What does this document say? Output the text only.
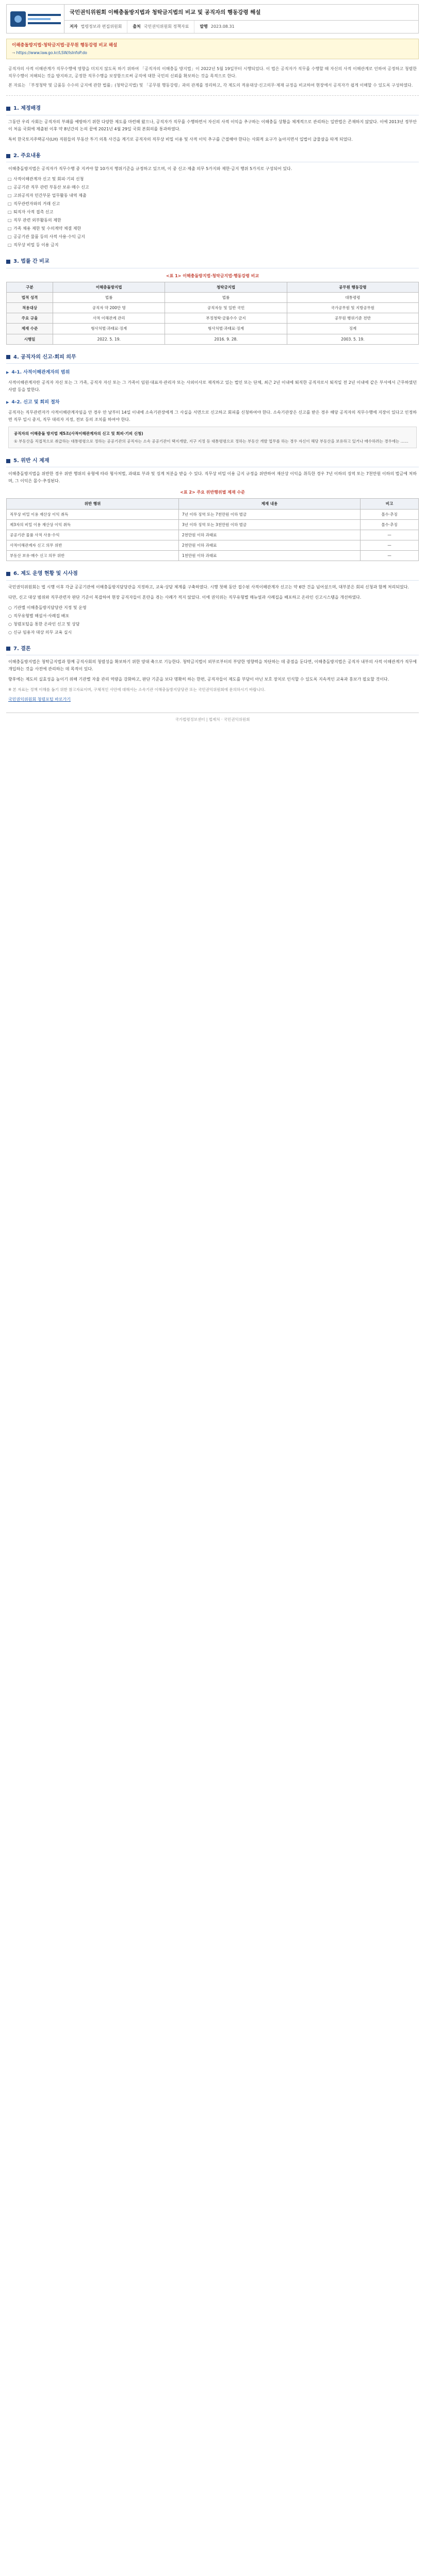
국민권익위원회 이해충돌방지법과 청탁금지법의 비교 및 공직자의 행동강령 해설
저자 법령정보과 편집위원회	출처 국민권익위원회 정책자료	발행 2023.08.31
이해충돌방지법·청탁금지법·공무원 행동강령 비교 해설
→ https://www.law.go.kr/LSW/lsInfoP.do

공직자의 사적 이해관계가 직무수행에 영향을 미치지 않도록 하기 위하여 「공직자의 이해충돌 방지법」이 2022년 5월 19일부터 시행되었다. 이 법은 공직자가 직무를 수행할 때 자신의 사적 이해관계로 인하여 공정하고 청렴한 직무수행이 저해되는 것을 방지하고, 공정한 직무수행을 보장함으로써 공직에 대한 국민의 신뢰를 확보하는 것을 목적으로 한다.

본 자료는 「부정청탁 및 금품등 수수의 금지에 관한 법률」(청탁금지법) 및 「공무원 행동강령」과의 관계를 정리하고, 각 제도의 적용대상·신고의무·제재 규정을 비교하여 현장에서 공직자가 쉽게 이해할 수 있도록 구성하였다.

1. 제정배경

그동안 우리 사회는 공직자의 부패를 예방하기 위한 다양한 제도를 마련해 왔으나, 공직자가 직무를 수행하면서 자신의 사적 이익을 추구하는 이해충돌 상황을 체계적으로 관리하는 일반법은 존재하지 않았다. 이에 2013년 정부안이 처음 국회에 제출된 이후 약 8년간의 논의 끝에 2021년 4월 29일 국회 본회의를 통과하였다.

특히 한국토지주택공사(LH) 직원들의 부동산 투기 의혹 사건을 계기로 공직자의 직무상 비밀 이용 및 사적 이익 추구를 근절해야 한다는 사회적 요구가 높아지면서 입법이 급물살을 타게 되었다.

2. 주요내용

이해충돌방지법은 공직자가 직무수행 중 지켜야 할 10가지 행위기준을 규정하고 있으며, 이 중 신고·제출 의무 5가지와 제한·금지 행위 5가지로 구성되어 있다.

□ 사적이해관계자 신고 및 회피·기피 신청
□ 공공기관 직무 관련 부동산 보유·매수 신고
□ 고위공직자 민간부문 업무활동 내역 제출
□ 직무관련자와의 거래 신고
□ 퇴직자 사적 접촉 신고
□ 직무 관련 외부활동의 제한
□ 가족 채용 제한 및 수의계약 체결 제한
□ 공공기관 물품 등의 사적 사용·수익 금지
□ 직무상 비밀 등 이용 금지
3. 법률 간 비교
<표 1> 이해충돌방지법·청탁금지법·행동강령 비교
구분	이해충돌방지법	청탁금지법	공무원 행동강령
법적 성격	법률	법률	대통령령
적용대상	공직자 약 200만 명	공직자등 및 일반 국민	국가공무원 및 지방공무원
주요 규율	사적 이해관계 관리	부정청탁·금품수수 금지	공무원 행위기준 전반
제재 수준	형사처벌·과태료·징계	형사처벌·과태료·징계	징계
시행일	2022. 5. 19.	2016. 9. 28.	2003. 5. 19.
4. 공직자의 신고·회피 의무
▶ 4-1. 사적이해관계자의 범위

사적이해관계자란 공직자 자신 또는 그 가족, 공직자 자신 또는 그 가족이 임원·대표자·관리자 또는 사외이사로 재직하고 있는 법인 또는 단체, 최근 2년 이내에 퇴직한 공직자로서 퇴직일 전 2년 이내에 같은 부서에서 근무하였던 사람 등을 말한다.

▶ 4-2. 신고 및 회피 절차

공직자는 직무관련자가 사적이해관계자임을 안 경우 안 날부터 14일 이내에 소속기관장에게 그 사실을 서면으로 신고하고 회피를 신청하여야 한다. 소속기관장은 신고를 받은 경우 해당 공직자의 직무수행에 지장이 있다고 인정하면 직무 일시 중지, 직무 대리자 지정, 전보 등의 조치를 하여야 한다.

공직자의 이해충돌 방지법 제5조(사적이해관계자의 신고 및 회피·기피 신청)
① 부동산을 직접적으로 취급하는 대통령령으로 정하는 공공기관의 공직자는 소속 공공기관이 택지개발, 지구 지정 등 대통령령으로 정하는 부동산 개발 업무를 하는 경우 자신이 해당 부동산을 보유하고 있거나 매수하려는 경우에는 ……
5. 위반 시 제재

이해충돌방지법을 위반한 경우 위반 행위의 유형에 따라 형사처벌, 과태료 부과 및 징계 처분을 받을 수 있다. 직무상 비밀 이용 금지 규정을 위반하여 재산상 이익을 취득한 경우 7년 이하의 징역 또는 7천만원 이하의 벌금에 처하며, 그 이익은 몰수·추징된다.

<표 2> 주요 위반행위별 제재 수준
위반 행위	제재 내용	비고
직무상 비밀 이용 재산상 이익 취득	7년 이하 징역 또는 7천만원 이하 벌금	몰수·추징
제3자의 비밀 이용 재산상 이익 취득	3년 이하 징역 또는 3천만원 이하 벌금	몰수·추징
공공기관 물품 사적 사용·수익	2천만원 이하 과태료	—
사적이해관계자 신고 의무 위반	2천만원 이하 과태료	—
부동산 보유·매수 신고 의무 위반	1천만원 이하 과태료	—
6. 제도 운영 현황 및 시사점

국민권익위원회는 법 시행 이후 각급 공공기관에 이해충돌방지담당관을 지정하고, 교육·상담 체계를 구축하였다. 시행 첫해 동안 접수된 사적이해관계자 신고는 약 6만 건을 넘어섰으며, 대부분은 회피 신청과 함께 처리되었다.

다만, 신고 대상 범위와 직무관련자 판단 기준이 복잡하여 현장 공직자들이 혼란을 겪는 사례가 적지 않았다. 이에 권익위는 직무유형별 매뉴얼과 사례집을 배포하고 온라인 신고시스템을 개선하였다.

○ 기관별 이해충돌방지담당관 지정 및 운영
○ 직무유형별 해설서·사례집 배포
○ 청렴포털을 통한 온라인 신고 및 상담
○ 신규 임용자 대상 의무 교육 실시
7. 결론

이해충돌방지법은 청탁금지법과 함께 공직사회의 청렴성을 확보하기 위한 양대 축으로 기능한다. 청탁금지법이 외부로부터의 부당한 영향력을 차단하는 데 중점을 둔다면, 이해충돌방지법은 공직자 내부의 사적 이해관계가 직무에 개입하는 것을 사전에 관리하는 데 목적이 있다.

향후에는 제도의 실효성을 높이기 위해 기관별 자율 관리 역량을 강화하고, 판단 기준을 보다 명확히 하는 한편, 공직자들이 제도를 부담이 아닌 보호 장치로 인식할 수 있도록 지속적인 교육과 홍보가 필요할 것이다.

※ 본 자료는 정책 이해를 돕기 위한 참고자료이며, 구체적인 사안에 대해서는 소속기관 이해충돌방지담당관 또는 국민권익위원회에 문의하시기 바랍니다.

국민권익위원회 청렴포털 바로가기

국가법령정보센터 | 법제처 · 국민권익위원회
